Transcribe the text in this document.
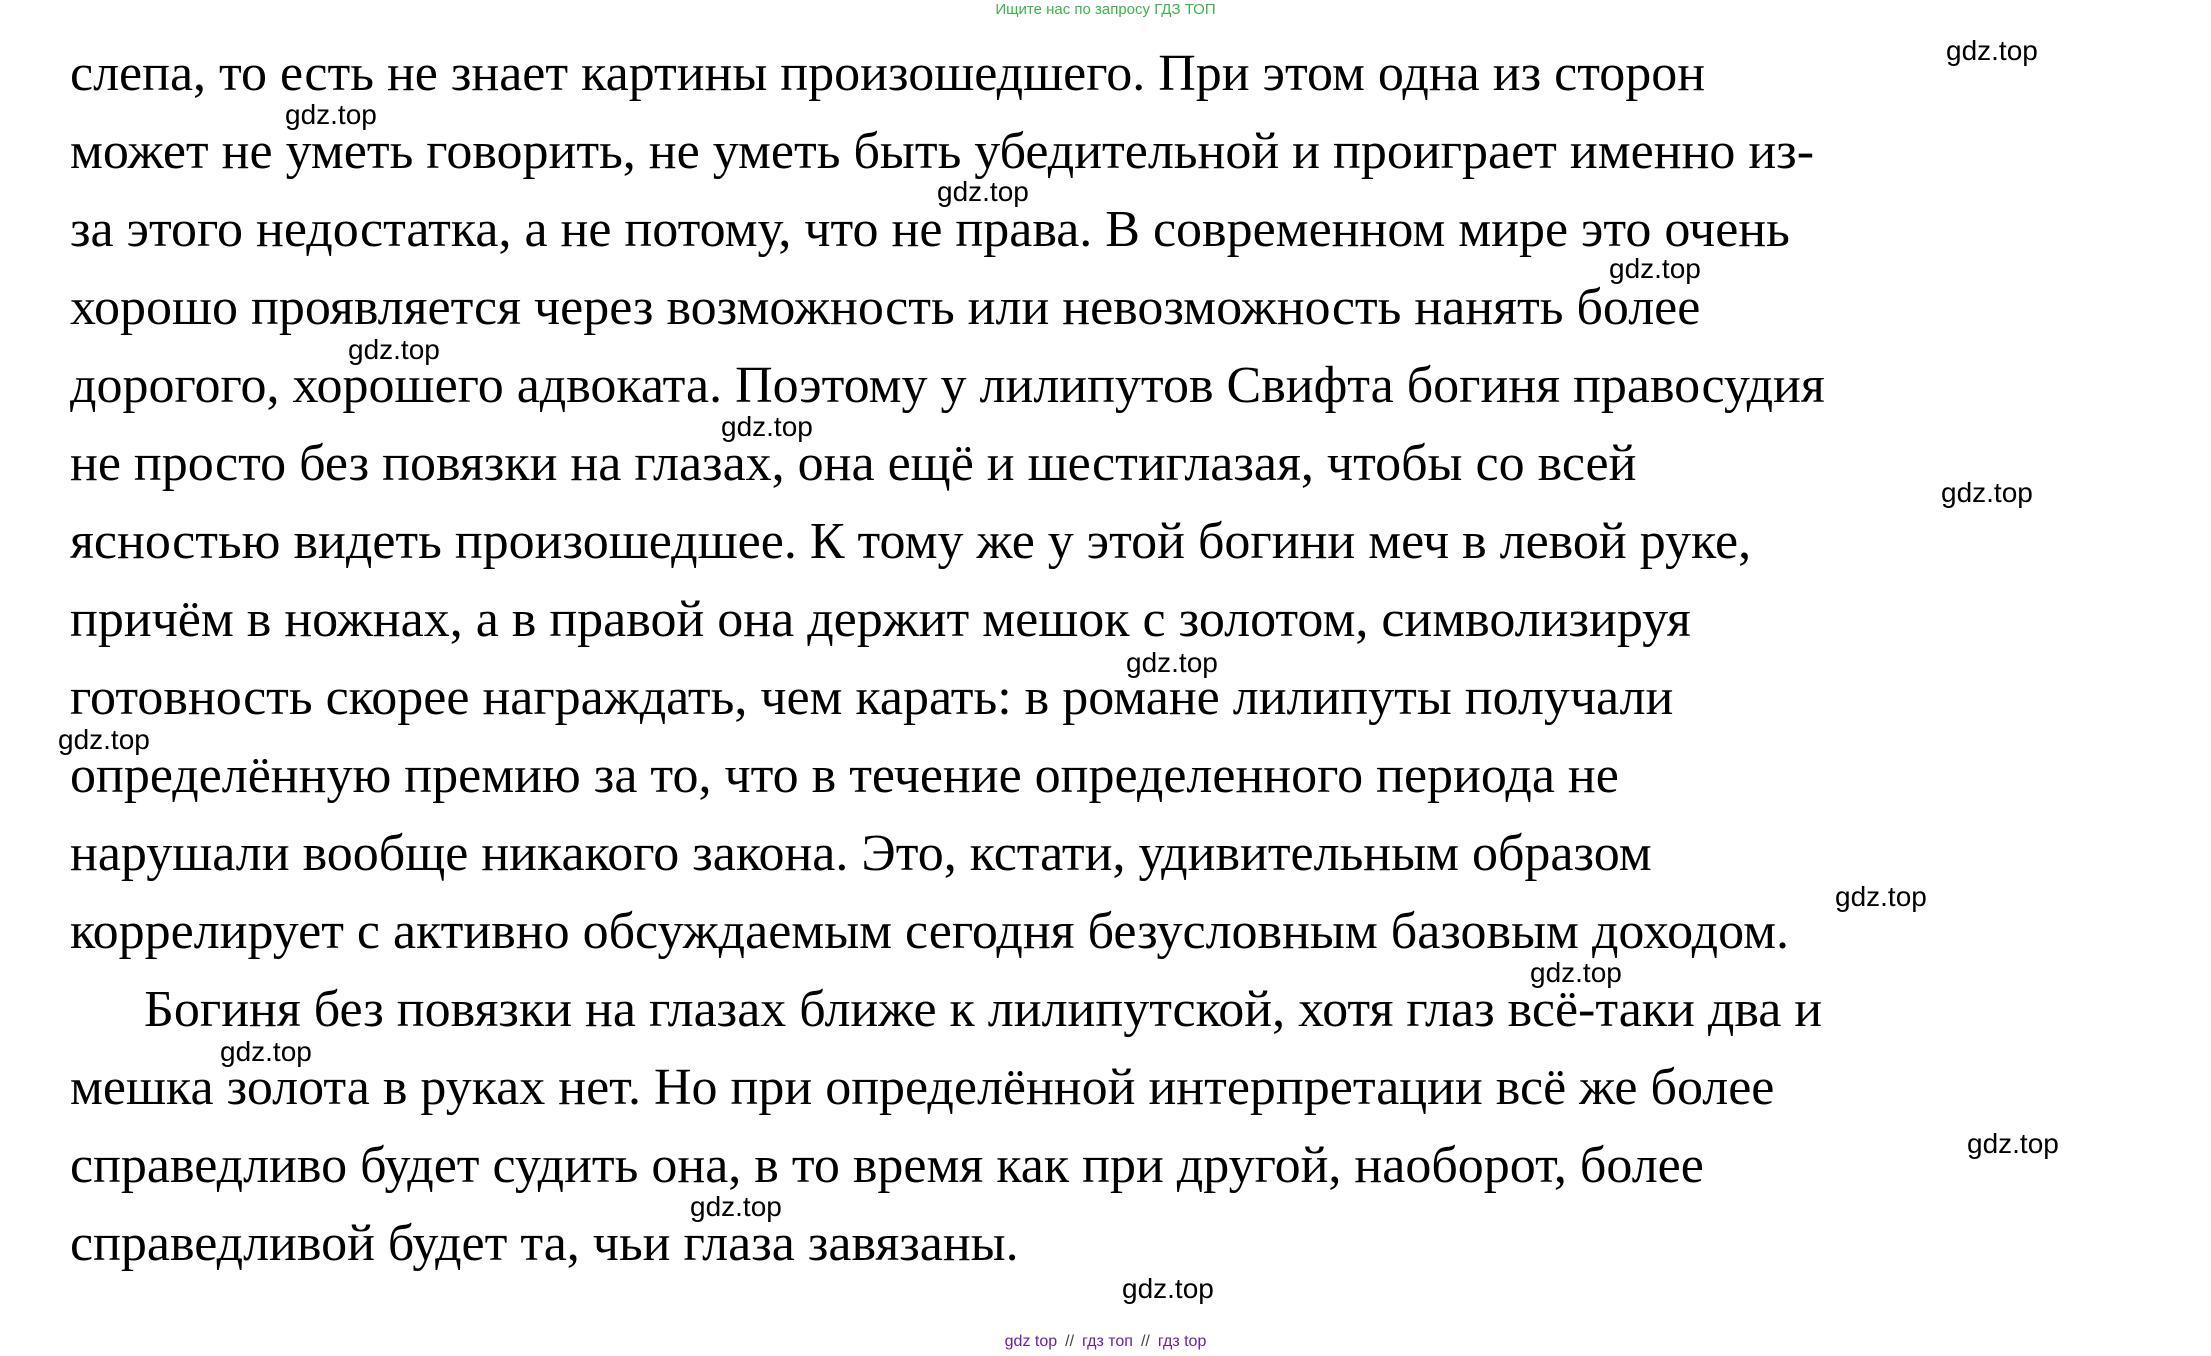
Ищите нас по запросу ГДЗ ТОП
слепа, то есть не знает картины произошедшего. При этом одна из сторон
может не уметь говорить, не уметь быть убедительной и проиграет именно из-
за этого недостатка, а не потому, что не права. В современном мире это очень
хорошо проявляется через возможность или невозможность нанять более
дорогого, хорошего адвоката. Поэтому у лилипутов Свифта богиня правосудия
не просто без повязки на глазах, она ещё и шестиглазая, чтобы со всей
ясностью видеть произошедшее. К тому же у этой богини меч в левой руке,
причём в ножнах, а в правой она держит мешок с золотом, символизируя
готовность скорее награждать, чем карать: в романе лилипуты получали
определённую премию за то, что в течение определенного периода не
нарушали вообще никакого закона. Это, кстати, удивительным образом
коррелирует с активно обсуждаемым сегодня безусловным базовым доходом.
Богиня без повязки на глазах ближе к лилипутской, хотя глаз всё-таки два и
мешка золота в руках нет. Но при определённой интерпретации всё же более
справедливо будет судить она, в то время как при другой, наоборот, более
справедливой будет та, чьи глаза завязаны.
gdz.top
gdz.top
gdz.top
gdz.top
gdz.top
gdz.top
gdz.top
gdz.top
gdz.top
gdz.top
gdz.top
gdz.top
gdz.top
gdz.top
gdz.top
gdz top // гдз топ // гдз top
